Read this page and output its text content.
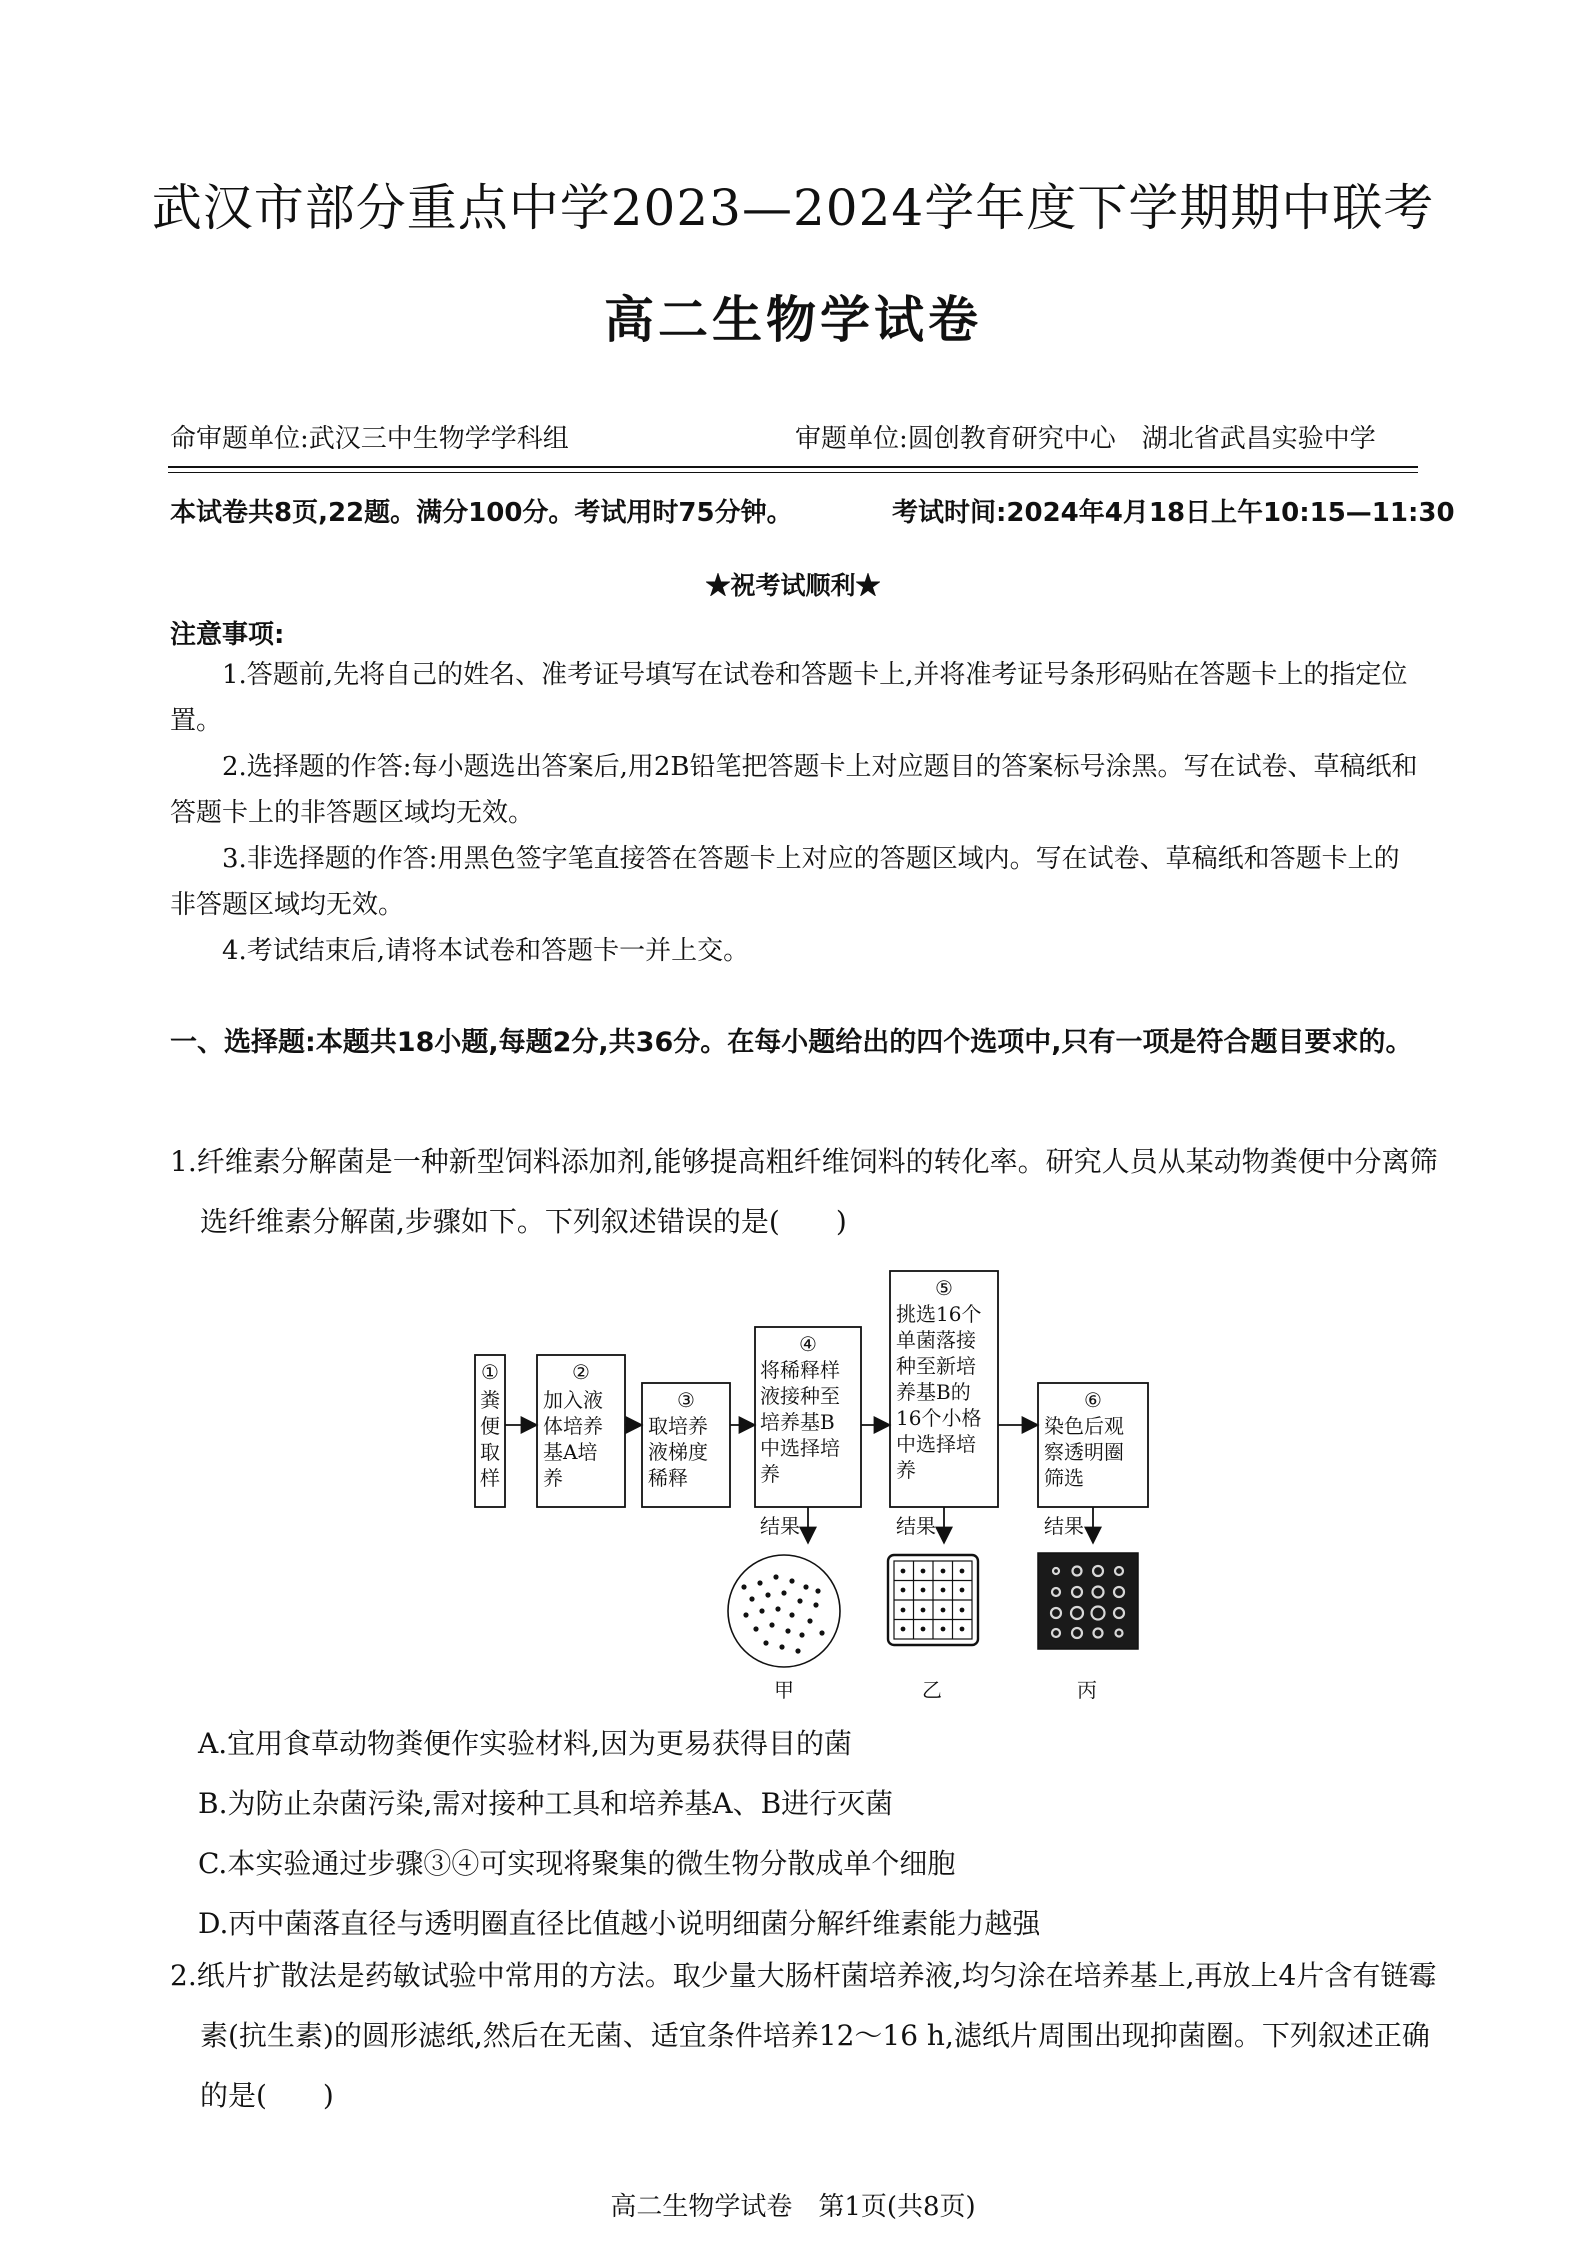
武汉市部分重点中学2023—2024学年度下学期期中联考
高二生物学试卷
命审题单位:武汉三中生物学学科组	审题单位:圆创教育研究中心　湖北省武昌实验中学
本试卷共8页,22题。满分100分。考试用时75分钟。	考试时间:2024年4月18日上午10:15—11:30
★祝考试顺利★
注意事项:
1.答题前,先将自己的姓名、准考证号填写在试卷和答题卡上,并将准考证号条形码贴在答题卡上的指定位置。
2.选择题的作答:每小题选出答案后,用2B铅笔把答题卡上对应题目的答案标号涂黑。写在试卷、草稿纸和答题卡上的非答题区域均无效。
3.非选择题的作答:用黑色签字笔直接答在答题卡上对应的答题区域内。写在试卷、草稿纸和答题卡上的非答题区域均无效。
4.考试结束后,请将本试卷和答题卡一并上交。
一、选择题:本题共18小题,每题2分,共36分。在每小题给出的四个选项中,只有一项是符合题目要求的。
1.纤维素分解菌是一种新型饲料添加剂,能够提高粗纤维饲料的转化率。研究人员从某动物粪便中分离筛选纤维素分解菌,步骤如下。下列叙述错误的是(　　)
①
粪
便
取
样
②
加入液
体培养
基A培
养
③
取培养
液梯度
稀释
④
将稀释样
液接种至
培养基B
中选择培
养
⑤
挑选16个
单菌落接
种至新培
养基B的
16个小格
中选择培
养
⑥
染色后观
察透明圈
筛选
结果	结果	结果
甲	乙	丙
A.宜用食草动物粪便作实验材料,因为更易获得目的菌
B.为防止杂菌污染,需对接种工具和培养基A、B进行灭菌
C.本实验通过步骤③④可实现将聚集的微生物分散成单个细胞
D.丙中菌落直径与透明圈直径比值越小说明细菌分解纤维素能力越强
2.纸片扩散法是药敏试验中常用的方法。取少量大肠杆菌培养液,均匀涂在培养基上,再放上4片含有链霉素(抗生素)的圆形滤纸,然后在无菌、适宜条件培养12～16 h,滤纸片周围出现抑菌圈。下列叙述正确的是(　　)
高二生物学试卷　第1页(共8页)
